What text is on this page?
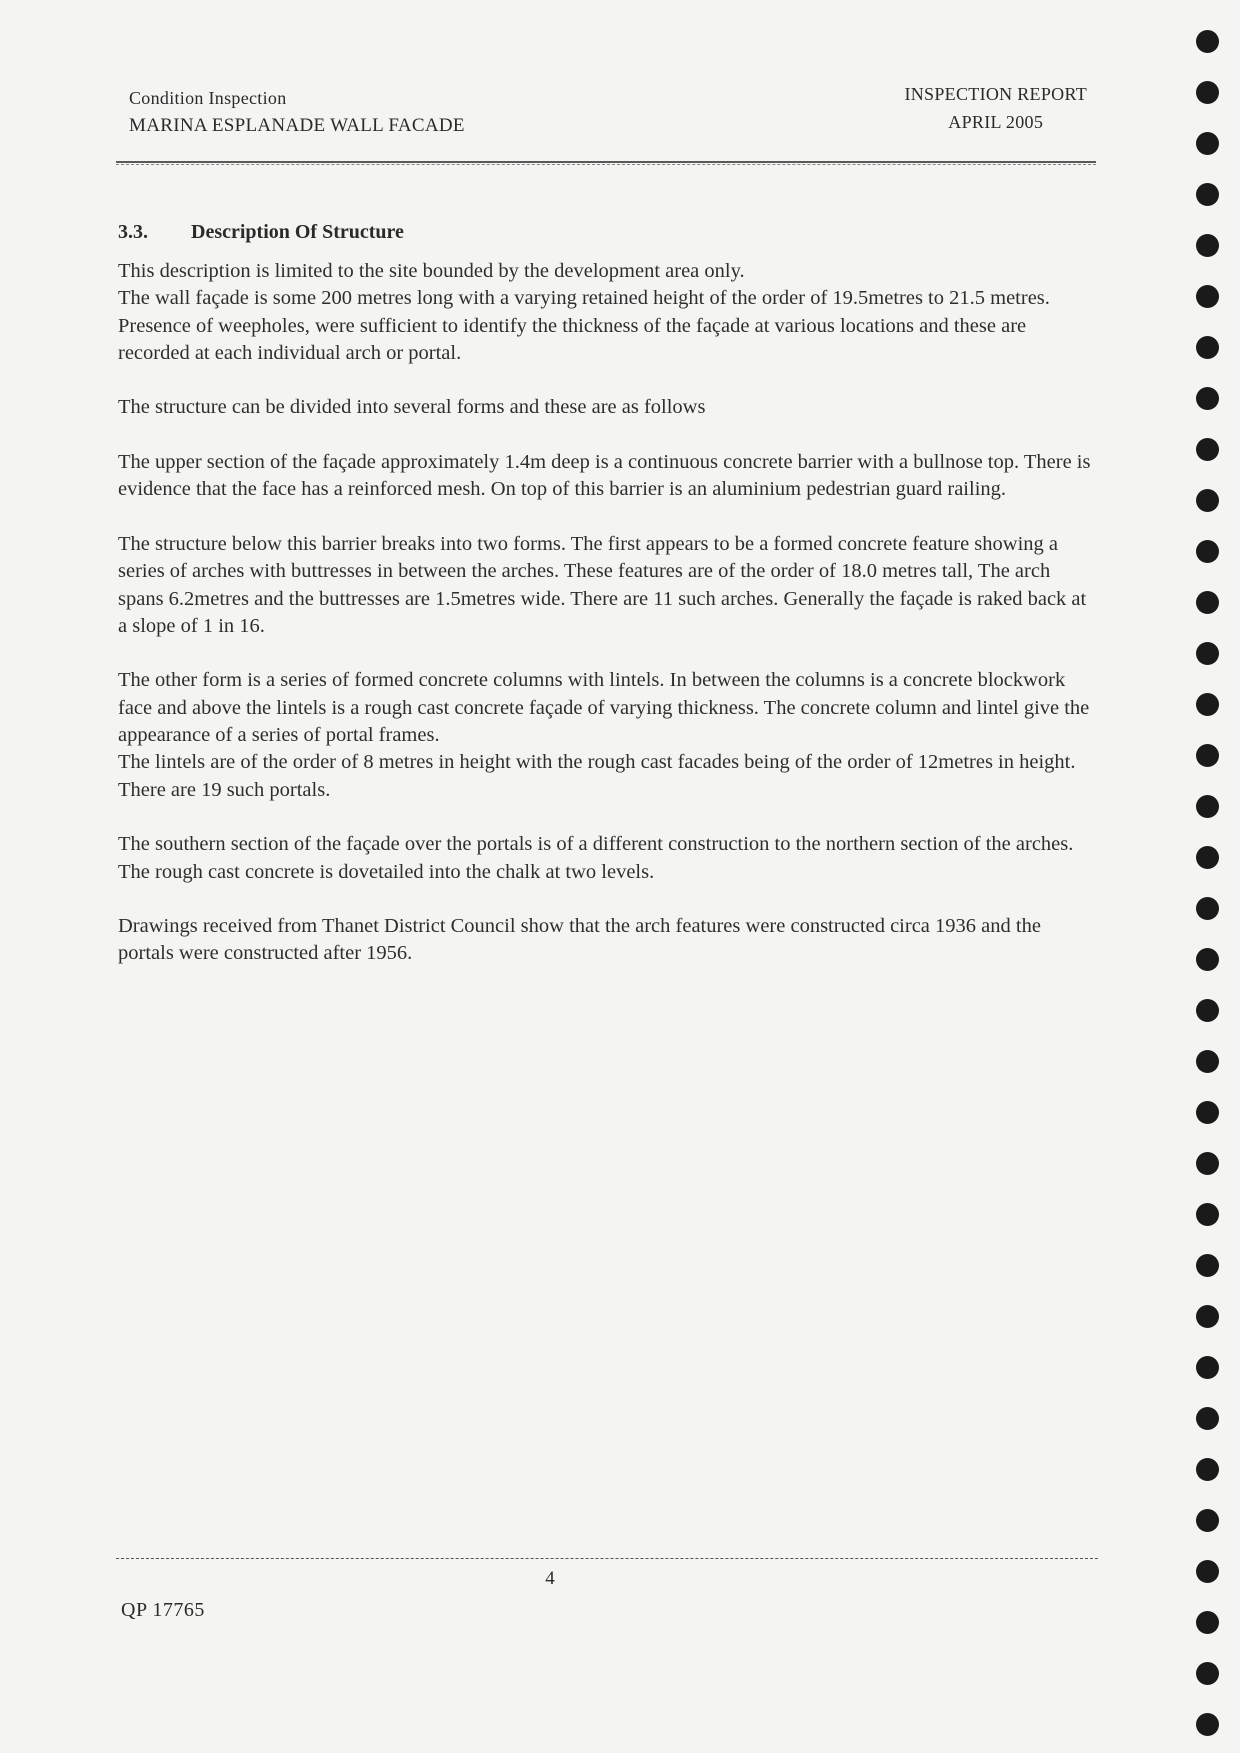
Condition Inspection
MARINA ESPLANADE WALL FACADE
INSPECTION REPORT
APRIL 2005
3.3. Description Of Structure

This description is limited to the site bounded by the development area only.

The wall façade is some 200 metres long with a varying retained height of the order of 19.5metres to 21.5 metres.

Presence of weepholes, were sufficient to identify the thickness of the façade at various locations and these are recorded at each individual arch or portal.

The structure can be divided into several forms and these are as follows

The upper section of the façade approximately 1.4m deep is a continuous concrete barrier with a bullnose top. There is evidence that the face has a reinforced mesh. On top of this barrier is an aluminium pedestrian guard railing.

The structure below this barrier breaks into two forms. The first appears to be a formed concrete feature showing a series of arches with buttresses in between the arches. These features are of the order of 18.0 metres tall, The arch spans 6.2metres and the buttresses are 1.5metres wide. There are 11 such arches. Generally the façade is raked back at a slope of 1 in 16.

The other form is a series of formed concrete columns with lintels. In between the columns is a concrete blockwork face and above the lintels is a rough cast concrete façade of varying thickness. The concrete column and lintel give the appearance of a series of portal frames.

The lintels are of the order of 8 metres in height with the rough cast facades being of the order of 12metres in height. There are 19 such portals.

The southern section of the façade over the portals is of a different construction to the northern section of the arches. The rough cast concrete is dovetailed into the chalk at two levels.

Drawings received from Thanet District Council show that the arch features were constructed circa 1936 and the portals were constructed after 1956.

4
QP 17765
